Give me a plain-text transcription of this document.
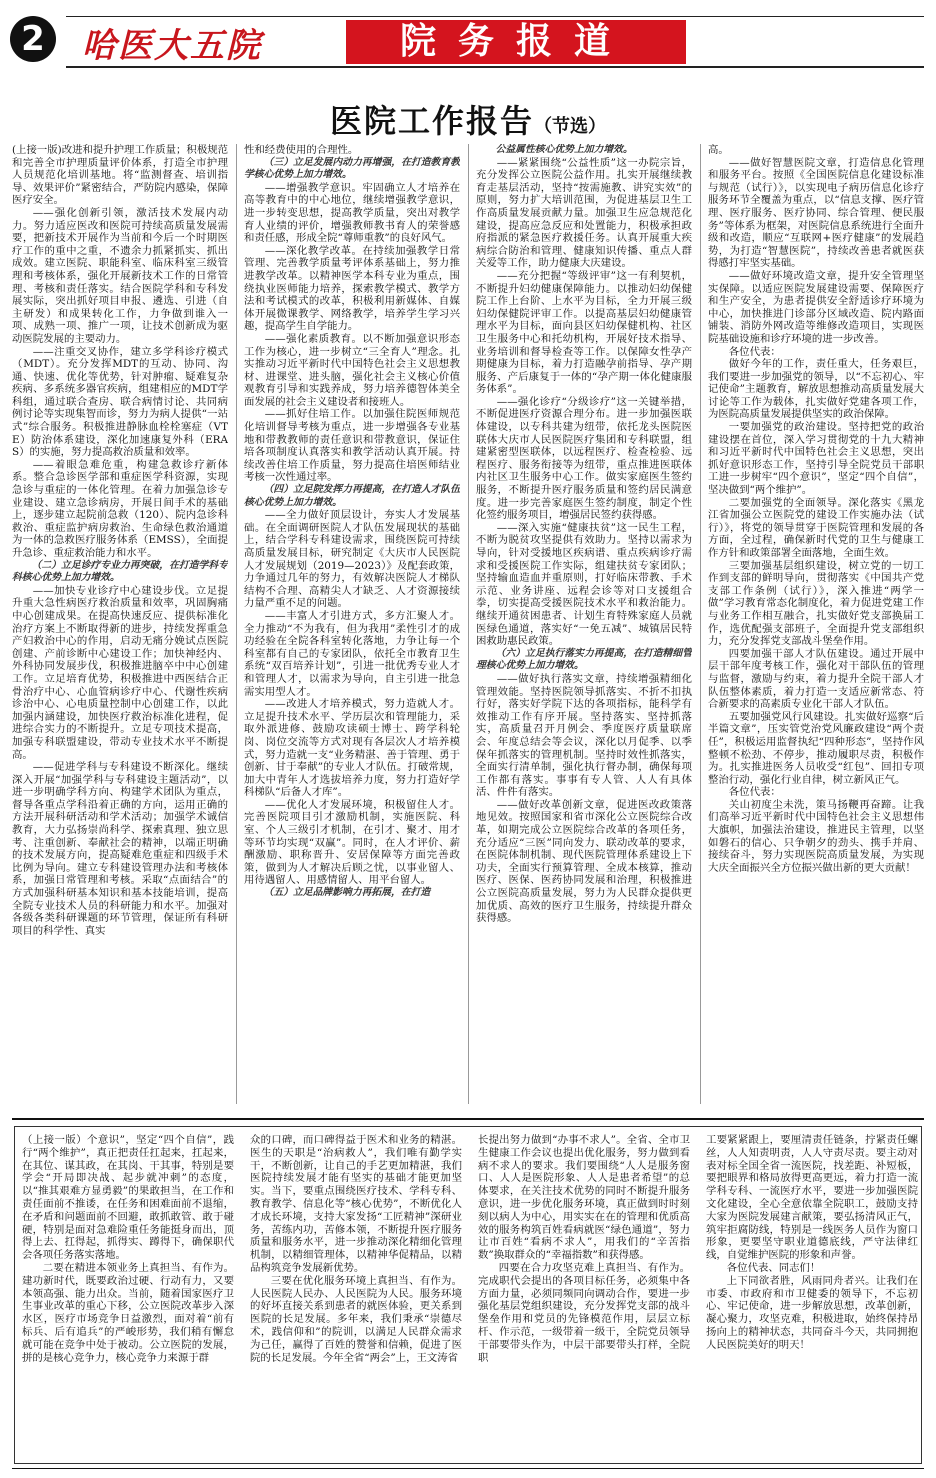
2	哈医大五院	院务报道
医院工作报告（节选）

(上接一版)改进和提升护理工作质量；积极规范和完善全市护理质量评价体系，打造全市护理人员规范化培训基地。将“监测督查、培训指导、效果评价”紧密结合，严防院内感染，保障医疗安全。

——强化创新引领，激活技术发展内动力。努力适应医改和医院可持续高质量发展需要，把新技术开展作为当前和今后一个时期医疗工作的重中之重，不遗余力抓紧抓实、抓出成效。建立医院、职能科室、临床科室三级管理和考核体系，强化开展新技术工作的日常管理、考核和责任落实。结合医院学科和专科发展实际，突出抓好项目申报、遴选、引进（自主研发）和成果转化工作，力争做到谁入一项、成熟一项、推广一项，让技术创新成为驱动医院发展的主要动力。

——注重交叉协作，建立多学科诊疗模式（MDT）。充分发挥MDT的互动、协同、沟通、快速、优化等优势，针对肿瘤、疑难复杂疾病、多系统多器官疾病，组建相应的MDT学科组，通过联合查房、联合病情讨论、共同病例讨论等实现集智而诊，努力为病人提供“一站式”综合服务。积极推进静脉血栓栓塞症（VTE）防治体系建设，深化加速康复外科（ERAS）的实施，努力提高救治质量和效率。

——着眼急难危重，构建急救诊疗新体系。整合急诊医学部和重症医学科资源，实现急诊与重症的一体化管理。在着力加强急诊专业建设、建立急诊病房，开展日间手术的基础上，逐步建立起院前急救（120）、院内急诊科救治、重症监护病房救治、生命绿色救治通道为一体的急救医疗服务体系（EMSS），全面提升急诊、重症救治能力和水平。

（二）立足诊疗专业力再突破，在打造学科专科核心优势上加力增效。

——加快专业诊疗中心建设步伐。立足提升重大急性病医疗救治质量和效率，巩固胸痛中心创建成果。在提高快速反应、提供标准化治疗方案上不断取得新的进步，持续发挥重急产妇救治中心的作用，启动无痛分娩试点医院创建、产前诊断中心建设工作；加快神经内、外科协同发展步伐，积极推进脑卒中中心创建工作。立足培育优势，积极推进中西医结合正骨治疗中心、心血管病诊疗中心、代谢性疾病诊治中心、心电质量控制中心创建工作，以此加强内涵建设，加快医疗救治标准化进程，促进综合实力的不断提升。立足专项技术提高，加强专科联盟建设，带动专业技术水平不断提高。

——促进学科与专科建设不断深化。继续深入开展“加强学科与专科建设主题活动”，以进一步明确学科方向、构建学术团队为重点，督导各重点学科沿着正确的方向，运用正确的方法开展科研活动和学术活动；加强学术诚信教育，大力弘扬崇尚科学、探索真理、独立思考、注重创新、奉献社会的精神，以端正明确的技术发展方向，提高疑难危重症和四级手术比例为导向。建立专科建设管理办法和考核体系，加强日常管理和考核。采取“点面结合”的方式加强科研基本知识和基本技能培训，提高全院专业技术人员的科研能力和水平。加强对各级各类科研课题的环节管理，保证所有科研项目的科学性、真实

性和经费使用的合理性。

（三）立足发展内动力再增强，在打造教育教学核心优势上加力增效。

——增强教学意识。牢固确立人才培养在高等教育中的中心地位，继续增强教学意识，进一步转变思想，提高教学质量，突出对教学育人业绩的评价，增强教师教书育人的荣誉感和责任感，形成全院“尊师重教”的良好风气。

——深化教学改革。在持续加强教学日常管理、完善教学质量考评体系基础上，努力推进教学改革。以精神医学本科专业为重点，围绕执业医师能力培养，探索教学模式、教学方法和考试模式的改革，积极利用新媒体、自媒体开展微课教学、网络教学，培养学生学习兴趣，提高学生自学能力。

——强化素质教育。以不断加强意识形态工作为核心，进一步树立“三全育人”理念。扎实推动习近平新时代中国特色社会主义思想教材、进课堂、进头脑，强化社会主义核心价值观教育引导和实践养成，努力培养德智体美全面发展的社会主义建设者和接班人。

——抓好住培工作。以加强住院医师规范化培训督导考核为重点，进一步增强各专业基地和带教教师的责任意识和带教意识，保证住培各项制度认真落实和教学活动认真开展。持续改善住培工作质量，努力提高住培医师结业考核一次性通过率。

（四）立足院发挥力再提高，在打造人才队伍核心优势上加力增效。

——全力做好顶层设计，夯实人才发展基础。在全面调研医院人才队伍发展现状的基础上，结合学科专科建设需求，围绕医院可持续高质量发展目标，研究制定《大庆市人民医院人才发展规划（2019—2023）》及配套政策，力争通过几年的努力，有效解决医院人才梯队结构不合理、高精尖人才缺乏、人才资源接续力量严重不足的问题。

——丰富人才引进方式，多方汇聚人才。全力推动“不为我有，但为我用”柔性引才的成功经验在全院各科室转化落地，力争让每一个科室都有自己的专家团队，依托全市教育卫生系统“双百培养计划”，引进一批优秀专业人才和管理人才，以需求为导向，自主引进一批急需实用型人才。

——改进人才培养模式，努力造就人才。立足提升技术水平、学历层次和管理能力，采取外派进修、鼓励攻读硕士博士、跨学科轮岗、岗位交流等方式对现有各层次人才培养模式，努力造就一支“业务精湛、善于管理、勇于创新、甘于奉献”的专业人才队伍。打破常规，加大中青年人才选拔培养力度，努力打造好学科梯队“后备人才库”。

——优化人才发展环境，积极留住人才。完善医院项目引才激励机制，实施医院、科室、个人三级引才机制，在引才、聚才、用才等环节均实现“双赢”。同时，在人才评价、薪酬激励、职称晋升、安居保障等方面完善政策，做到为人才解决后顾之忧，以事业留人、用待遇留人、用感情留人、用平台留人。

（五）立足品牌影响力再拓展，在打造

公益属性核心优势上加力增效。

——紧紧围绕“公益性质”这一办院宗旨，充分发挥公立医院公益作用。扎实开展继续教育走基层活动，坚持“按需施教、讲究实效”的原则，努力扩大培训范围，为促进基层卫生工作高质量发展贡献力量。加强卫生应急规范化建设，提高应急反应和处置能力，积极承担政府指派的紧急医疗救援任务。认真开展重大疾病综合防治和管理、健康知识传播、重点人群关爱等工作，助力健康大庆建设。

——充分把握“等级评审”这一有利契机，不断提升妇幼健康保障能力。以推动妇幼保健院工作上台阶、上水平为目标，全力开展三级妇幼保健院评审工作。以提高基层妇幼健康管理水平为目标，面向县区妇幼保健机构、社区卫生服务中心和托幼机构，开展好技术指导、业务培训和督导检查等工作。以保障女性孕产期健康为目标，着力打造融孕前指导、孕产期服务、产后康复于一体的“孕产期一体化健康服务体系”。

——强化诊疗“分级诊疗”这一关键举措，不断促进医疗资源合理分布。进一步加强医联体建设，以专科共建为纽带，依托龙头医院医联体大庆市人民医院医疗集团和专科联盟，组建紧密型医联体，以远程医疗、检查检验、远程医疗、服务衔接等为纽带，重点推进医联体内社区卫生服务中心工作。做实家庭医生签约服务，不断提升医疗服务质量和签约居民满意度。进一步完善家庭医生签约制度，制定个性化签约服务项目，增强居民签约获得感。

——深入实施“健康扶贫”这一民生工程，不断为脱贫攻坚提供有效助力。坚持以需求为导向，针对受援地区疾病谱、重点疾病诊疗需求和受援医院工作实际，组建扶贫专家团队；坚持输血造血并重原则，打好临床带教、手术示范、业务讲座、远程会诊等对口支援组合拳，切实提高受援医院技术水平和救治能力。继续开通贫困患者、计划生育特殊家庭人员就医绿色通道，落实好“一免五减”、城镇居民特困救助惠民政策。

（六）立足执行落实力再提高，在打造精细管理核心优势上加力增效。

——做好执行落实文章，持续增强精细化管理效能。坚持医院领导抓落实、不折不扣执行好，落实好学院下达的各项指标，能科学有效推动工作有序开展。坚持落实、坚持抓落实，高质量召开月例会、季度医疗质量联席会、年度总结会等会议，深化以月促季、以季保年抓落实的管理机制。坚持时效性抓落实，全面实行清单制，强化执行督办制，确保每项工作都有落实。事事有专人管、人人有具体活、件件有落实。

——做好改革创新文章，促进医改政策落地见效。按照国家和省市深化公立医院综合改革，如期完成公立医院综合改革的各项任务，充分适应“三医”同向发力、联动改革的要求，在医院体制机制、现代医院管理体系建设上下功夫，全面实行预算管理、全成本核算，推动医疗、医保、医药协同发展和治理，积极推进公立医院高质量发展，努力为人民群众提供更加优质、高效的医疗卫生服务，持续提升群众获得感。

高。

——做好智慧医院文章，打造信息化管理和服务平台。按照《全国医院信息化建设标准与规范（试行）》，以实现电子病历信息化诊疗服务环节全覆盖为重点，以“信息支撑、医疗管理、医疗服务、医疗协同、综合管理、便民服务”等体系为框架，对医院信息系统进行全面升级和改造，顺应“互联网+医疗健康”的发展趋势，为打造“智慧医院”，持续改善患者就医获得感打牢坚实基础。

——做好环境改造文章，提升安全管理坚实保障。以适应医院发展建设需要、保障医疗和生产安全，为患者提供安全舒适诊疗环境为中心，加快推进门诊部分区域改造、院内路面铺装、消防外网改造等维修改造项目，实现医院基础设施和诊疗环境的进一步改善。

各位代表：

做好今年的工作，责任重大，任务艰巨，我们要进一步加强党的领导，以“不忘初心、牢记使命”主题教育，解放思想推动高质量发展大讨论等工作为载体，扎实做好党建各项工作，为医院高质量发展提供坚实的政治保障。

一要加强党的政治建设。坚持把党的政治建设摆在首位，深入学习贯彻党的十九大精神和习近平新时代中国特色社会主义思想，突出抓好意识形态工作，坚持引导全院党员干部职工进一步树牢“四个意识”，坚定“四个自信”，坚决做到“两个维护”。

二要加强党的全面领导。深化落实《黑龙江省加强公立医院党的建设工作实施办法（试行）》，将党的领导贯穿于医院管理和发展的各方面，全过程，确保新时代党的卫生与健康工作方针和政策部署全面落地，全面生效。

三要加强基层组织建设，树立党的一切工作到支部的鲜明导向，贯彻落实《中国共产党支部工作条例（试行）》，深入推进“两学一做”学习教育常态化制度化，着力促进党建工作与业务工作相互融合，扎实做好党支部换届工作，选优配强支部班子，全面提升党支部组织力，充分发挥党支部战斗堡垒作用。

四要加强干部人才队伍建设。通过开展中层干部年度考核工作，强化对干部队伍的管理与监督，激励与约束，着力提升全院干部人才队伍整体素质，着力打造一支适应新常态、符合新要求的高素质专业化干部人才队伍。

五要加强党风行风建设。扎实做好巡察“后半篇文章”，压实管党治党风廉政建设“两个责任”，积极运用监督执纪“四种形态”，坚持作风整顿不松劲、不停步，推动履职尽责，积极作为。扎实推进医务人员收受“红包”、回扣专项整治行动，强化行业自律，树立新风正气。

各位代表：

关山初度尘未洗，策马扬鞭再奋蹄。让我们高举习近平新时代中国特色社会主义思想伟大旗帜，加强法治建设，推进民主管理，以坚如磐石的信心、只争朝夕的劲头、携手并肩、接续奋斗，努力实现医院高质量发展，为实现大庆全面振兴全方位振兴做出新的更大贡献！

（上接一版）个意识”，坚定“四个自信”，践行“两个维护”，真正把责任扛起来，扛起来，在其位、谋其政，在其岗、干其事，特别是要学会“开局即决战、起步就冲刺”的态度，以“推其艰难方显勇毅”的果敢担当，在工作和责任面前不推诿，在任务和困难面前不退缩，在矛盾和问题面前不回避，敢抓敢管、敢于碰硬，特别是面对急难险重任务能挺身而出，顶得上去、扛得起，抓得实、蹲得下，确保职代会各项任务落实落地。

二要在精进本领业务上真担当、有作为。建功新时代，既要政治过硬、行动有力，又要本领高强、能力出众。当前，随着国家医疗卫生事业改革的重心下移，公立医院改革步入深水区，医疗市场竞争日益激烈，面对着“前有标兵、后有追兵”的严峻形势，我们稍有懈怠就可能在竞争中处于被动。公立医院的发展，拼的是核心竞争力，核心竞争力来源于群

众的口碑，而口碑得益于医术和业务的精湛。医生的天职是“治病救人”，我们唯有勤学实干，不断创新，让自己的手艺更加精湛，我们医院持续发展才能有坚实的基础才能更加坚实。当下，要重点围绕医疗技术、学科专科、教育教学、信息化等“核心优势”，不断优化人才成长环境，支持大家发扬“工匠精神”深研业务，苦练内功，苦修本领，不断提升医疗服务质量和服务水平，进一步推动深化精细化管理机制，以精细管理体，以精神华促精品，以精品构筑竞争发展新优势。

三要在优化服务环境上真担当、有作为。人民医院人民办、人民医院为人民。服务环境的好坏直接关系到患者的就医体验，更关系到医院的长足发展。多年来，我们秉承“崇德尽术，践信仰和”的院训，以满足人民群众需求为己任，赢得了百姓的赞誉和信赖，促进了医院的长足发展。今年全省“两会”上，王文涛省

长提出努力做到“办事不求人”。全省、全市卫生健康工作会议也提出优化服务，努力做到看病不求人的要求。我们要围绕“人人是服务窗口、人人是医院形象、人人是患者希望”的总体要求，在关注技术优势的同时不断提升服务意识，进一步优化服务环境，真正做到时时刻刻以病人为中心，用实实在在的管理和优质高效的服务构筑百姓看病就医“绿色通道”，努力让市百姓“看病不求人”，用我们的“辛苦指数”换取群众的“幸福指数”和获得感。

四要在合力攻坚克难上真担当、有作为。完成职代会提出的各项目标任务，必须集中各方面力量，必须同频同向调动合作，要进一步强化基层党组织建设，充分发挥党支部的战斗堡垒作用和党员的先锋模范作用，层层立标杆、作示范，一级带着一级干，全院党员领导干部要带头作为，中层干部要带头打样，全院职

工要紧紧跟上，要厘清责任链条，拧紧责任螺丝，人人知责明责，人人守责尽责。要主动对表对标全国全省一流医院，找差距、补短板，要把眼界和格局放得更高更远，着力打造一流学科专科、一流医疗水平，要进一步加强医院文化建设，全心全意依靠全院职工，鼓励支持大家为医院发展建言献策，要弘扬清风正气，筑牢拒腐防线，特别是一线医务人员作为窗口形象，更要坚守职业道德底线，严守法律红线，自觉维护医院的形象和声誉。

各位代表、同志们！

上下同欲者胜，风雨同舟者兴。让我们在市委、市政府和市卫健委的领导下，不忘初心、牢记使命，进一步解放思想，改革创新，凝心聚力，攻坚克难，积极进取，始终保持昂扬向上的精神状态，共同奋斗今天，共同拥抱人民医院美好的明天！
